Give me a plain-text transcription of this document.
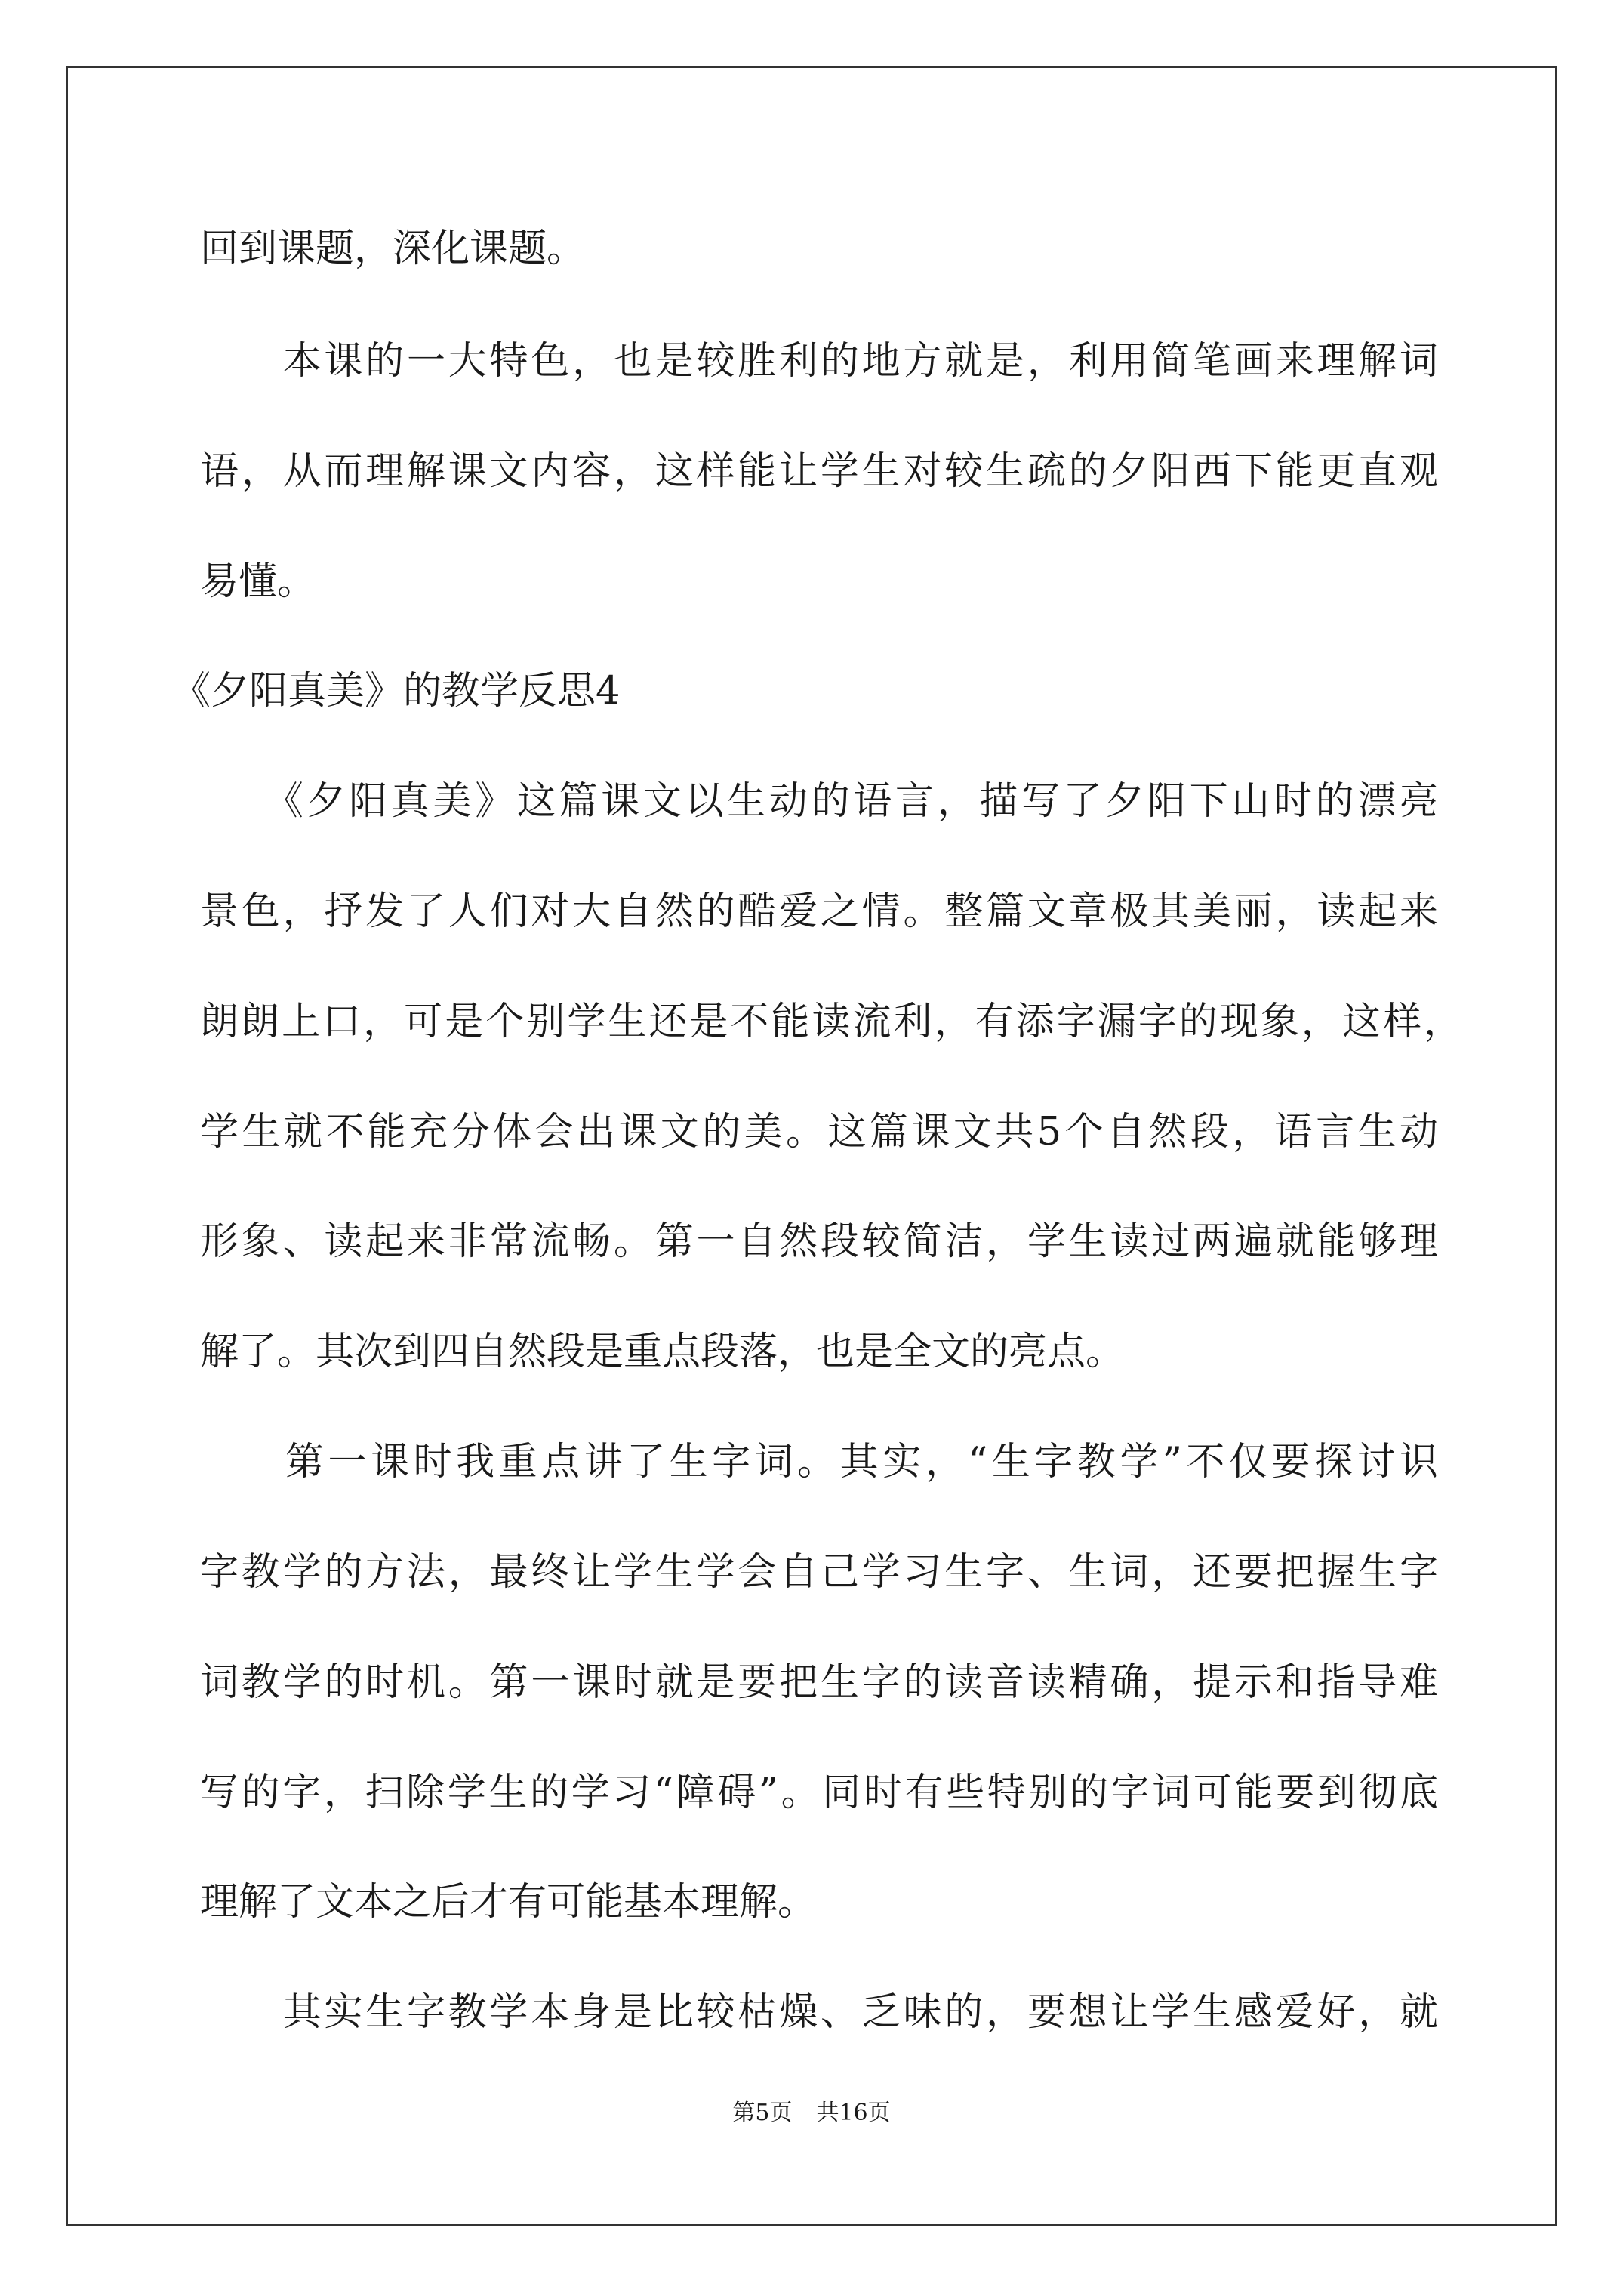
回到课题，深化课题。
　　本课的一大特色，也是较胜利的地方就是，利用简笔画来理解词
语，从而理解课文内容，这样能让学生对较生疏的夕阳西下能更直观
易懂。
《夕阳真美》的教学反思4
　　《夕阳真美》这篇课文以生动的语言，描写了夕阳下山时的漂亮
景色，抒发了人们对大自然的酷爱之情。整篇文章极其美丽，读起来
朗朗上口，可是个别学生还是不能读流利，有添字漏字的现象，这样，
学生就不能充分体会出课文的美。这篇课文共5个自然段，语言生动
形象、读起来非常流畅。第一自然段较简洁，学生读过两遍就能够理
解了。其次到四自然段是重点段落，也是全文的亮点。
　　第一课时我重点讲了生字词。其实，“生字教学”不仅要探讨识
字教学的方法，最终让学生学会自己学习生字、生词，还要把握生字
词教学的时机。第一课时就是要把生字的读音读精确，提示和指导难
写的字，扫除学生的学习“障碍”。同时有些特别的字词可能要到彻底
理解了文本之后才有可能基本理解。
　　其实生字教学本身是比较枯燥、乏味的，要想让学生感爱好，就
第5页 共16页
